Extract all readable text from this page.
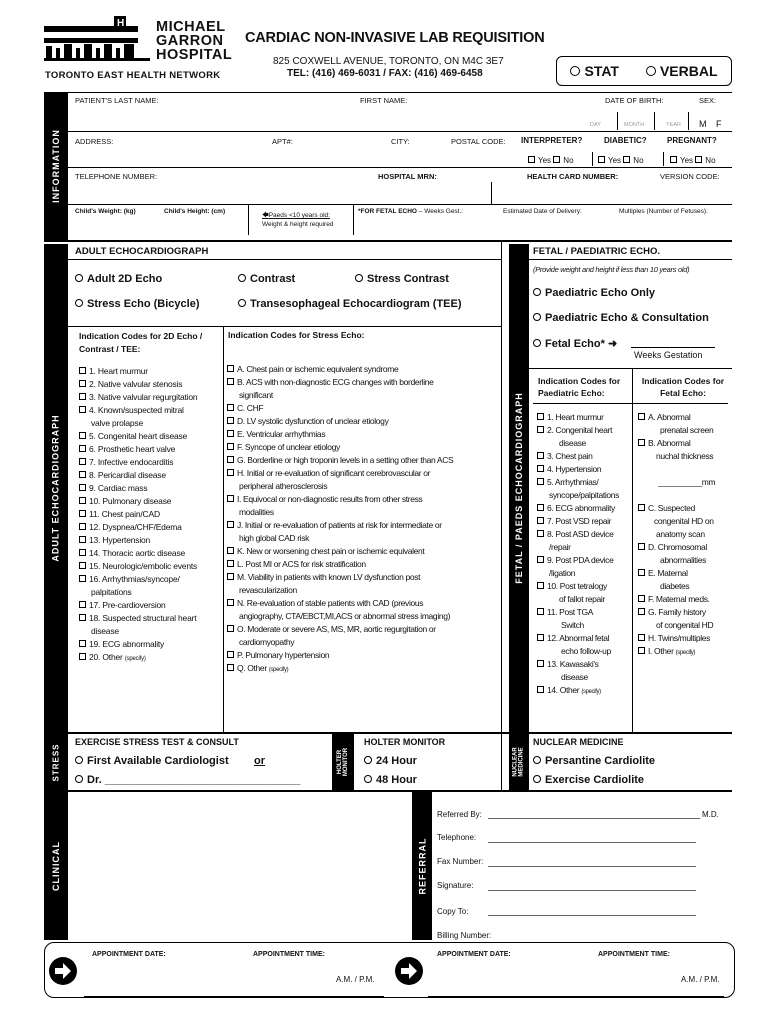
H MICHAEL
GARRON
HOSPITAL
TORONTO EAST HEALTH NETWORK
CARDIAC NON-INVASIVE LAB REQUISITION
825 COXWELL AVENUE, TORONTO, ON M4C 3E7
TEL: (416) 469-6031 / FAX: (416) 469-6458	STAT	VERBAL
INFORMATION
PATIENT'S LAST NAME:	FIRST NAME:	DATE OF BIRTH:	SEX:
DAY	MONTH	YEAR M F
ADDRESS:	APT#:	CITY:	POSTAL CODE: INTERPRETER?	DIABETIC?	PREGNANT?
Yes No	Yes No	Yes No
TELEPHONE NUMBER:	HOSPITAL MRN:	HEALTH CARD NUMBER:	VERSION CODE:
Child's Weight: (kg)	Child's Height: (cm)
🡄Paeds <10 years old:
Weight & height required
*FOR FETAL ECHO – Weeks Gest.:	Estimated Date of Delivery:	Multiples (Number of Fetuses):
ADULT ECHOCARDIOGRAPH
ADULT ECHOCARDIOGRAPH
Adult 2D Echo	Contrast	Stress Contrast
Stress Echo (Bicycle)	Transesophageal Echocardiogram (TEE)
Indication Codes for 2D Echo / Contrast / TEE:
Indication Codes for Stress Echo:
1. Heart murmur
2. Native valvular stenosis
3. Native valvular regurgitation
4. Known/suspected mitral
valve prolapse
5. Congenital heart disease
6. Prosthetic heart valve
7. Infective endocarditis
8. Pericardial disease
9. Cardiac mass
10. Pulmonary disease
11. Chest pain/CAD
12. Dyspnea/CHF/Edema
13. Hypertension
14. Thoracic aortic disease
15. Neurologic/embolic events
16. Arrhythmias/syncope/
palpitations
17. Pre-cardioversion
18. Suspected structural heart
disease
19. ECG abnormality
20. Other (specify)
A. Chest pain or ischemic equivalent syndrome
B. ACS with non-diagnostic ECG changes with borderline
significant
C. CHF
D. LV systolic dysfunction of unclear etiology
E. Ventricular arrhythmias
F. Syncope of unclear etiology
G. Borderline or high troponin levels in a setting other than ACS
H. Initial or re-evaluation of significant cerebrovascular or
peripheral atherosclerosis
I. Equivocal or non-diagnostic results from other stress
modalities
J. Initial or re-evaluation of patients at risk for intermediate or
high global CAD risk
K. New or worsening chest pain or ischemic equivalent
L. Post MI or ACS for risk stratification
M. Viability in patients with known LV dysfunction post
revascularization
N. Re-evaluation of stable patients with CAD (previous
angiography, CTA/EBCT,MI,ACS or abnormal stress imaging)
O. Moderate or severe AS, MS, MR, aortic regurgitation or
cardiomyopathy
P. Pulmonary hypertension
Q. Other (specify)
FETAL / PAEDS ECHOCARDIOGRAPH
FETAL / PAEDIATRIC ECHO.
(Provide weight and height if less than 10 years old)
Paediatric Echo Only
Paediatric Echo & Consultation
Fetal Echo* ➜
Weeks Gestation
Indication Codes for Paediatric Echo:
Indication Codes for Fetal Echo:
1. Heart murmur
2. Congenital heart
disease
3. Chest pain
4. Hypertension
5. Arrhythmias/
syncope/palpitations
6. ECG abnormality
7. Post VSD repair
8. Post ASD device
/repair
9. Post PDA device
/ligation
10. Post tetralogy
of fallot repair
11. Post TGA
Switch
12. Abnormal fetal
echo follow-up
13. Kawasaki's
disease
14. Other (specify)
A. Abnormal
prenatal screen
B. Abnormal
nuchal thickness

__________mm

C. Suspected
congenital HD on
anatomy scan
D. Chromosomal
abnormalities
E. Maternal
diabetes
F. Maternal meds.
G. Family history
of congenital HD
H. Twins/multiples
I. Other (specify)
STRESS
EXERCISE STRESS TEST & CONSULT
First Available Cardiologist or
Dr. ________________________________
HOLTER MONITOR
HOLTER MONITOR
24 Hour
48 Hour
NUCLEAR MEDICINE
NUCLEAR MEDICINE
Persantine Cardiolite
Exercise Cardiolite
CLINICAL	REFERRAL
Referred By:	M.D.
Telephone:
Fax Number:
Signature:
Copy To:
Billing Number:
APPOINTMENT DATE:	APPOINTMENT TIME:
A.M. / P.M.
APPOINTMENT DATE:	APPOINTMENT TIME:
A.M. / P.M.
